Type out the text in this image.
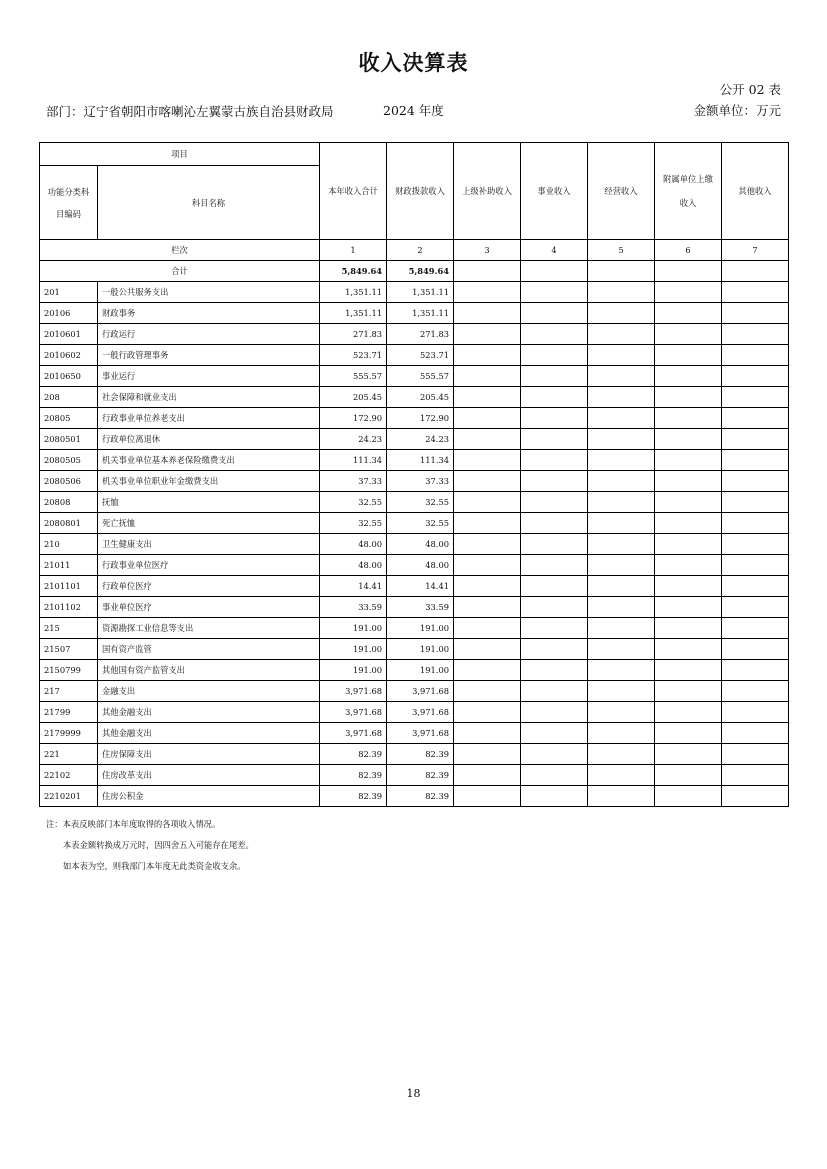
收入决算表
公开 02 表
部门：辽宁省朝阳市喀喇沁左翼蒙古族自治县财政局	2024 年度	金额单位：万元
项目		本年收入合计	财政拨款收入	上级补助收入	事业收入	经营收入	附属单位上缴收入	其他收入
功能分类科目编码	科目名称							
栏次		1	2	3	4	5	6	7
合计		5,849.64	5,849.64					
201	一般公共服务支出	1,351.11	1,351.11					
20106	财政事务	1,351.11	1,351.11					
2010601	行政运行	271.83	271.83					
2010602	一般行政管理事务	523.71	523.71					
2010650	事业运行	555.57	555.57					
208	社会保障和就业支出	205.45	205.45					
20805	行政事业单位养老支出	172.90	172.90					
2080501	行政单位离退休	24.23	24.23					
2080505	机关事业单位基本养老保险缴费支出	111.34	111.34					
2080506	机关事业单位职业年金缴费支出	37.33	37.33					
20808	抚恤	32.55	32.55					
2080801	死亡抚恤	32.55	32.55					
210	卫生健康支出	48.00	48.00					
21011	行政事业单位医疗	48.00	48.00					
2101101	行政单位医疗	14.41	14.41					
2101102	事业单位医疗	33.59	33.59					
215	资源勘探工业信息等支出	191.00	191.00					
21507	国有资产监管	191.00	191.00					
2150799	其他国有资产监管支出	191.00	191.00					
217	金融支出	3,971.68	3,971.68					
21799	其他金融支出	3,971.68	3,971.68					
2179999	其他金融支出	3,971.68	3,971.68					
221	住房保障支出	82.39	82.39					
22102	住房改革支出	82.39	82.39					
2210201	住房公积金	82.39	82.39					
注：本表反映部门本年度取得的各项收入情况。
本表金额转换成万元时，因四舍五入可能存在尾差。
如本表为空，则我部门本年度无此类资金收支余。
18
